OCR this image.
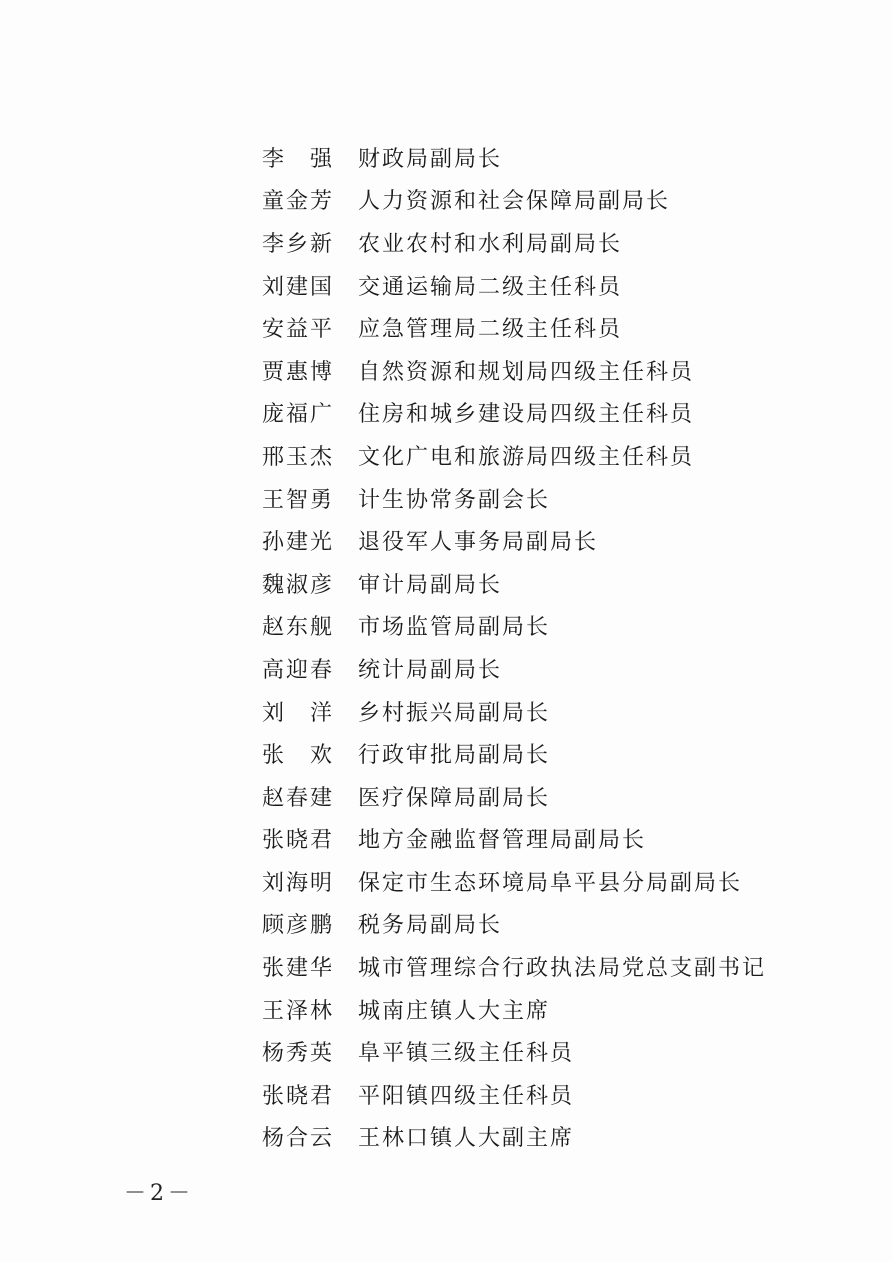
李　强	财政局副局长
童金芳	人力资源和社会保障局副局长
李乡新	农业农村和水利局副局长
刘建国	交通运输局二级主任科员
安益平	应急管理局二级主任科员
贾惠博	自然资源和规划局四级主任科员
庞福广	住房和城乡建设局四级主任科员
邢玉杰	文化广电和旅游局四级主任科员
王智勇	计生协常务副会长
孙建光	退役军人事务局副局长
魏淑彦	审计局副局长
赵东舰	市场监管局副局长
高迎春	统计局副局长
刘　洋	乡村振兴局副局长
张　欢	行政审批局副局长
赵春建	医疗保障局副局长
张晓君	地方金融监督管理局副局长
刘海明	保定市生态环境局阜平县分局副局长
顾彦鹏	税务局副局长
张建华	城市管理综合行政执法局党总支副书记
王泽林	城南庄镇人大主席
杨秀英	阜平镇三级主任科员
张晓君	平阳镇四级主任科员
杨合云	王林口镇人大副主席
－2－
